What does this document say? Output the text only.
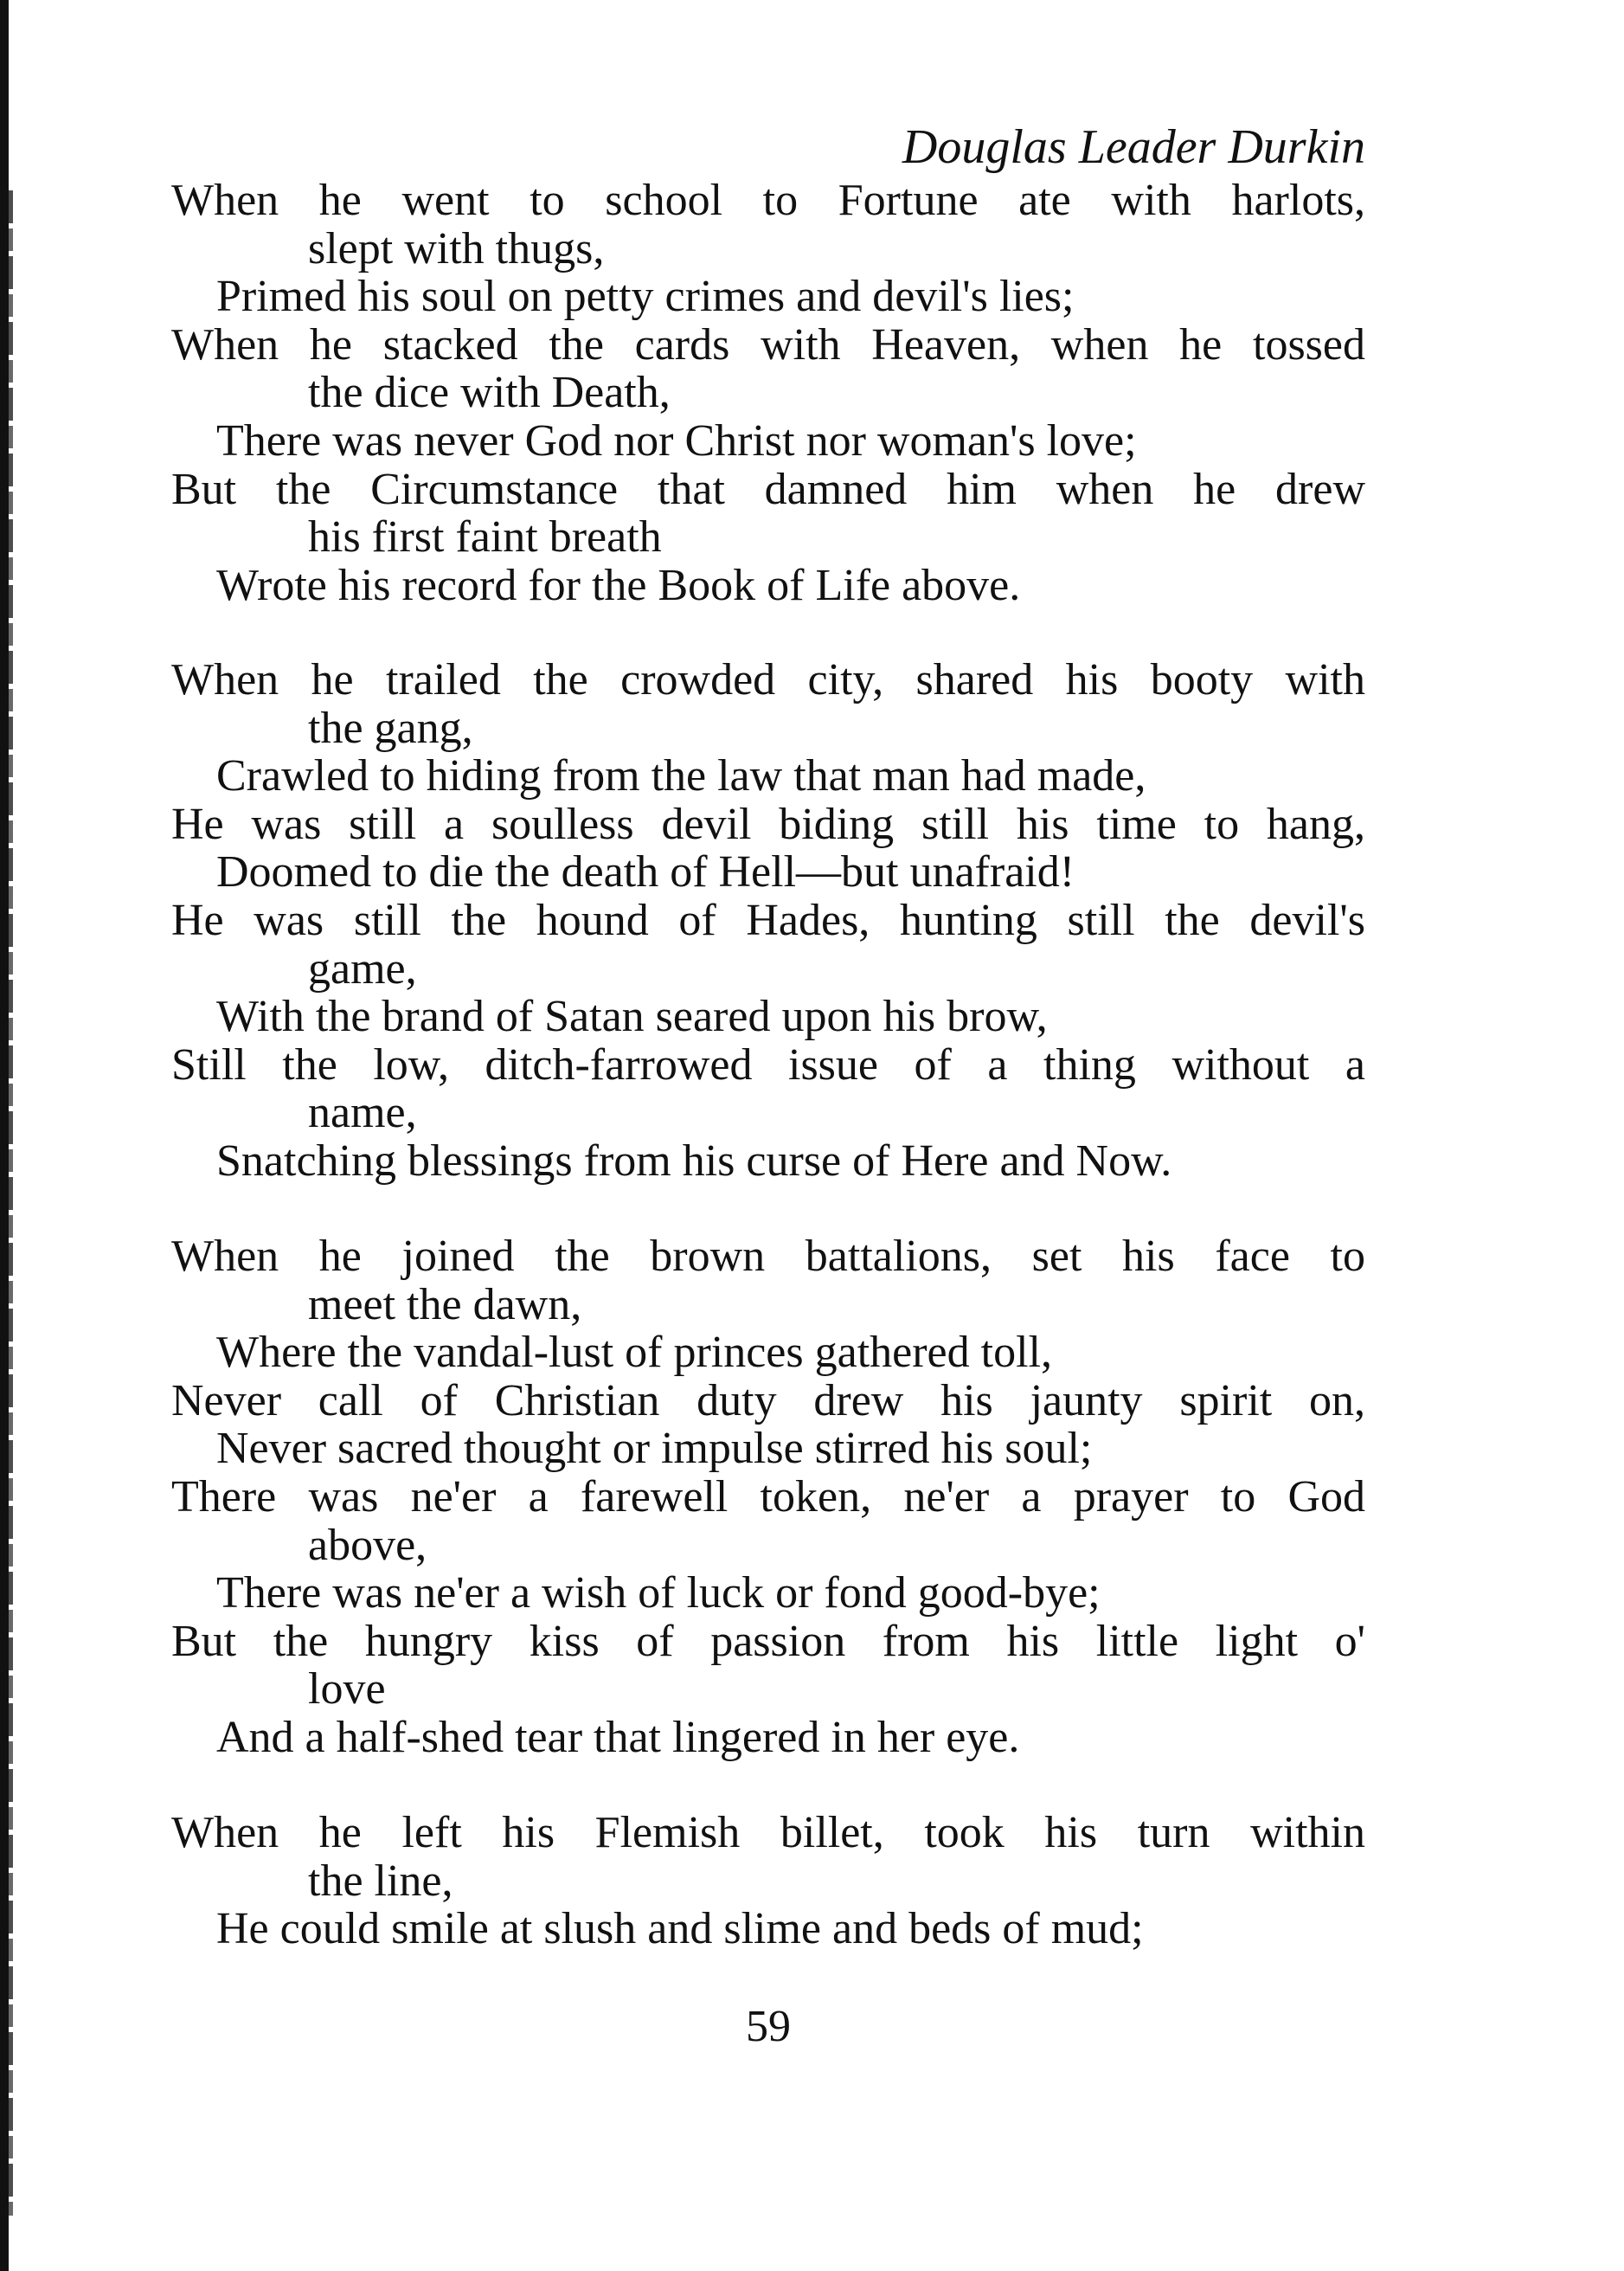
Douglas Leader Durkin
When he went to school to Fortune ate with harlots,
slept with thugs,
Primed his soul on petty crimes and devil's lies;
When he stacked the cards with Heaven, when he tossed
the dice with Death,
There was never God nor Christ nor woman's love;
But the Circumstance that damned him when he drew
his first faint breath
Wrote his record for the Book of Life above.
When he trailed the crowded city, shared his booty with
the gang,
Crawled to hiding from the law that man had made,
He was still a soulless devil biding still his time to hang,
Doomed to die the death of Hell—but unafraid!
He was still the hound of Hades, hunting still the devil's
game,
With the brand of Satan seared upon his brow,
Still the low, ditch-farrowed issue of a thing without a
name,
Snatching blessings from his curse of Here and Now.
When he joined the brown battalions, set his face to
meet the dawn,
Where the vandal-lust of princes gathered toll,
Never call of Christian duty drew his jaunty spirit on,
Never sacred thought or impulse stirred his soul;
There was ne'er a farewell token, ne'er a prayer to God
above,
There was ne'er a wish of luck or fond good-bye;
But the hungry kiss of passion from his little light o'
love
And a half-shed tear that lingered in her eye.
When he left his Flemish billet, took his turn within
the line,
He could smile at slush and slime and beds of mud;
59
